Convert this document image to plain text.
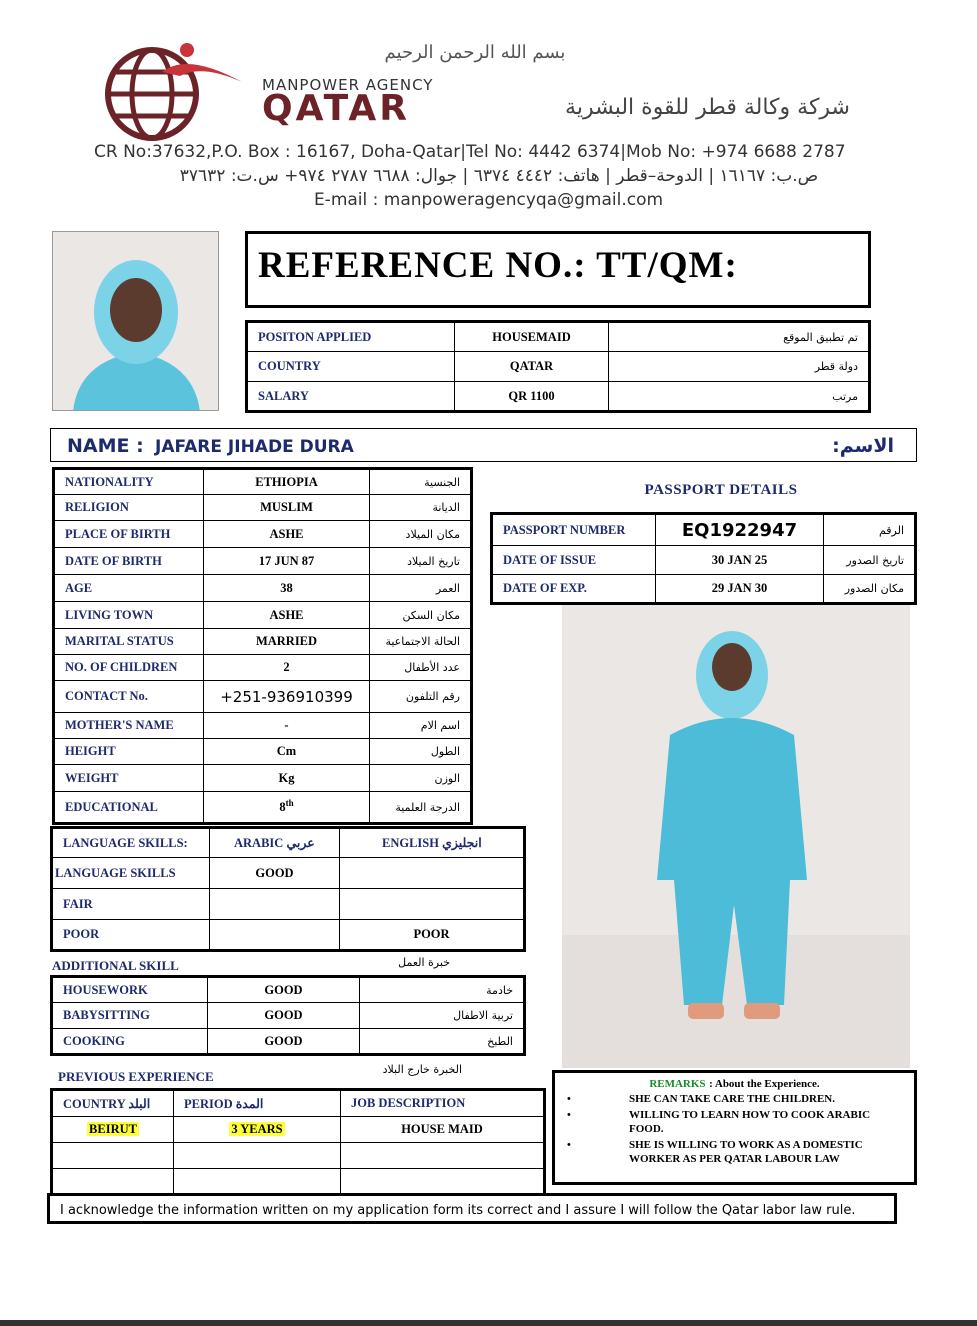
بسم الله الرحمن الرحيم
MANPOWER AGENCY
QATAR	شركة وكالة قطر للقوة البشرية
CR No:37632,P.O. Box : 16167, Doha-Qatar|Tel No: 4442 6374|Mob No: +974 6688 2787
ص.ب: ١٦١٦٧ | الدوحة–قطر | هاتف: ٤٤٤٢ ٦٣٧٤ | جوال: ٦٦٨٨ ٢٧٨٧ ٩٧٤+ س.ت: ٣٧٦٣٢
E-mail : manpoweragencyqa@gmail.com
REFERENCE NO.: TT/QM:
POSITON APPLIED	HOUSEMAID	تم تطبيق الموقع
COUNTRY	QATAR	دولة قطر
SALARY	QR 1100	مرتب
NAME : JAFARE JIHADE DURA	الاسم:
NATIONALITY	ETHIOPIA	الجنسية
RELIGION	MUSLIM	الديانة
PLACE OF BIRTH	ASHE	مكان الميلاد
DATE OF BIRTH	17 JUN 87	تاريخ الميلاد
AGE	38	العمر
LIVING TOWN	ASHE	مكان السكن
MARITAL STATUS	MARRIED	الحالة الاجتماعية
NO. OF CHILDREN	2	عدد الأطفال
CONTACT No.	+251-936910399	رقم التلفون
MOTHER'S NAME	-	اسم الام
HEIGHT	Cm	الطول
WEIGHT	Kg	الوزن
EDUCATIONAL	8th	الدرجة العلمية
PASSPORT DETAILS
PASSPORT NUMBER	EQ1922947	الرقم
DATE OF ISSUE	30 JAN 25	تاريخ الصدور
DATE OF EXP.	29 JAN 30	مكان الصدور
LANGUAGE SKILLS:	ARABIC عربي	ENGLISH انجليزي
LANGUAGE SKILLS	GOOD	
FAIR		
POOR		POOR
ADDITIONAL SKILL	خبرة العمل
HOUSEWORK	GOOD	خادمة
BABYSITTING	GOOD	تربية الاطفال
COOKING	GOOD	الطبخ
PREVIOUS EXPERIENCE	الخبرة خارج البلاد
COUNTRY البلد	PERIOD المدة	JOB DESCRIPTION
BEIRUT	3 YEARS	HOUSE MAID

REMARKS : About the Experience.
•	SHE CAN TAKE CARE THE CHILDREN.
•	WILLING TO LEARN HOW TO COOK ARABIC FOOD.
•	SHE IS WILLING TO WORK AS A DOMESTIC WORKER AS PER QATAR LABOUR LAW
I acknowledge the information written on my application form its correct and I assure I will follow the Qatar labor law rule.
